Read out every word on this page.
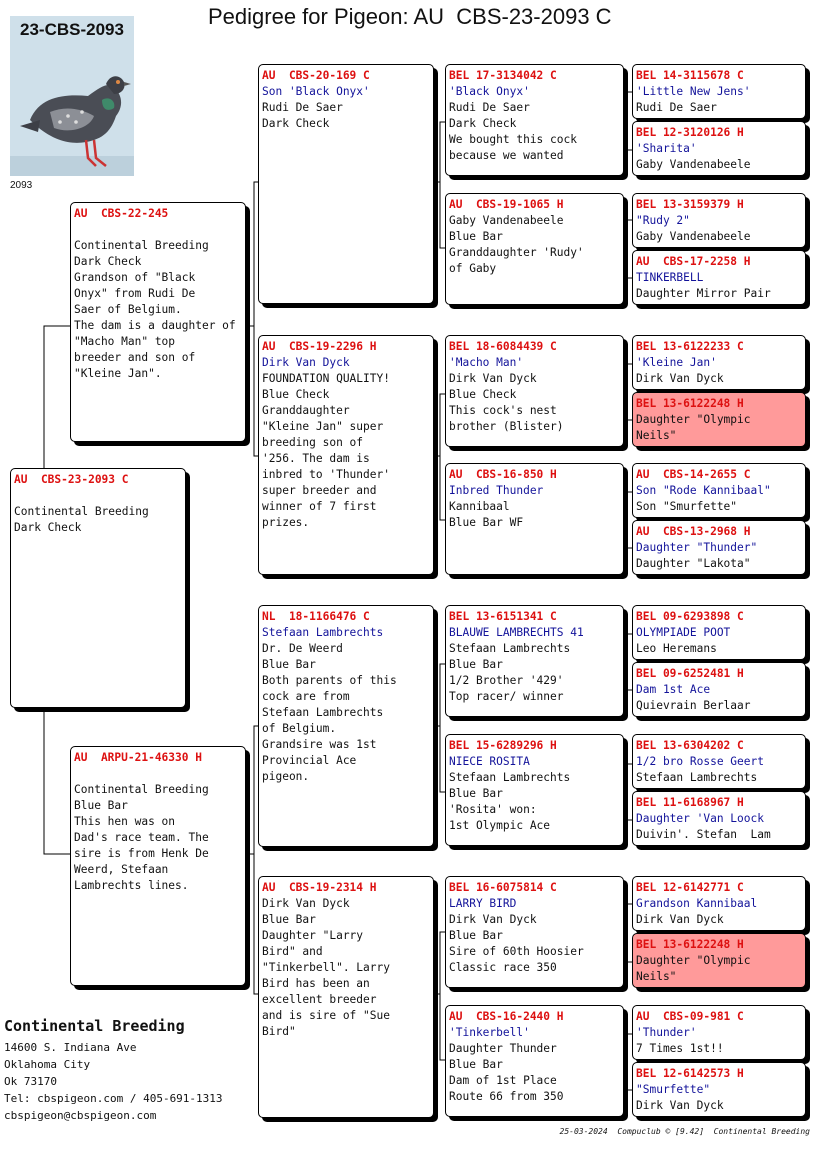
Pedigree for Pigeon: AU  CBS-23-2093 C
23-CBS-2093
2093
AU  CBS-23-2093 C
Continental Breeding
Dark Check
AU  CBS-22-245
Continental Breeding
Dark Check
Grandson of "Black
Onyx" from Rudi De
Saer of Belgium.
The dam is a daughter of
"Macho Man" top
breeder and son of
"Kleine Jan".
AU  ARPU-21-46330 H
Continental Breeding
Blue Bar
This hen was on
Dad's race team. The
sire is from Henk De
Weerd, Stefaan
Lambrechts lines.
AU  CBS-20-169 C
Son 'Black Onyx'
Rudi De Saer
Dark Check
AU  CBS-19-2296 H
Dirk Van Dyck
FOUNDATION QUALITY!
Blue Check
Granddaughter
"Kleine Jan" super
breeding son of
'256. The dam is
inbred to 'Thunder'
super breeder and
winner of 7 first
prizes.
NL  18-1166476 C
Stefaan Lambrechts
Dr. De Weerd
Blue Bar
Both parents of this
cock are from
Stefaan Lambrechts
of Belgium.
Grandsire was 1st
Provincial Ace
pigeon.
AU  CBS-19-2314 H
Dirk Van Dyck
Blue Bar
Daughter "Larry
Bird" and
"Tinkerbell". Larry
Bird has been an
excellent breeder
and is sire of "Sue
Bird"
BEL 17-3134042 C
'Black Onyx'
Rudi De Saer
Dark Check
We bought this cock
because we wanted
AU  CBS-19-1065 H
Gaby Vandenabeele
Blue Bar
Granddaughter 'Rudy'
of Gaby
BEL 18-6084439 C
'Macho Man'
Dirk Van Dyck
Blue Check
This cock's nest
brother (Blister)
AU  CBS-16-850 H
Inbred Thunder
Kannibaal
Blue Bar WF
BEL 13-6151341 C
BLAUWE LAMBRECHTS 41
Stefaan Lambrechts
Blue Bar
1/2 Brother '429'
Top racer/ winner
BEL 15-6289296 H
NIECE ROSITA
Stefaan Lambrechts
Blue Bar
'Rosita' won:
1st Olympic Ace
BEL 16-6075814 C
LARRY BIRD
Dirk Van Dyck
Blue Bar
Sire of 60th Hoosier
Classic race 350
AU  CBS-16-2440 H
'Tinkerbell'
Daughter Thunder
Blue Bar
Dam of 1st Place
Route 66 from 350
BEL 14-3115678 C
'Little New Jens'
Rudi De Saer
BEL 12-3120126 H
'Sharita'
Gaby Vandenabeele
BEL 13-3159379 H
"Rudy 2"
Gaby Vandenabeele
AU  CBS-17-2258 H
TINKERBELL
Daughter Mirror Pair
BEL 13-6122233 C
'Kleine Jan'
Dirk Van Dyck
BEL 13-6122248 H
Daughter "Olympic
Neils"
AU  CBS-14-2655 C
Son "Rode Kannibaal"
Son "Smurfette"
AU  CBS-13-2968 H
Daughter "Thunder"
Daughter "Lakota"
BEL 09-6293898 C
OLYMPIADE POOT
Leo Heremans
BEL 09-6252481 H
Dam 1st Ace
Quievrain Berlaar
BEL 13-6304202 C
1/2 bro Rosse Geert
Stefaan Lambrechts
BEL 11-6168967 H
Daughter 'Van Loock
Duivin'. Stefan  Lam
BEL 12-6142771 C
Grandson Kannibaal
Dirk Van Dyck
BEL 13-6122248 H
Daughter "Olympic
Neils"
AU  CBS-09-981 C
'Thunder'
7 Times 1st!!
BEL 12-6142573 H
"Smurfette"
Dirk Van Dyck
Continental Breeding
14600 S. Indiana Ave
Oklahoma City
Ok 73170
Tel: cbspigeon.com / 405-691-1313
cbspigeon@cbspigeon.com
25-03-2024 Compuclub © [9.42] Continental Breeding
